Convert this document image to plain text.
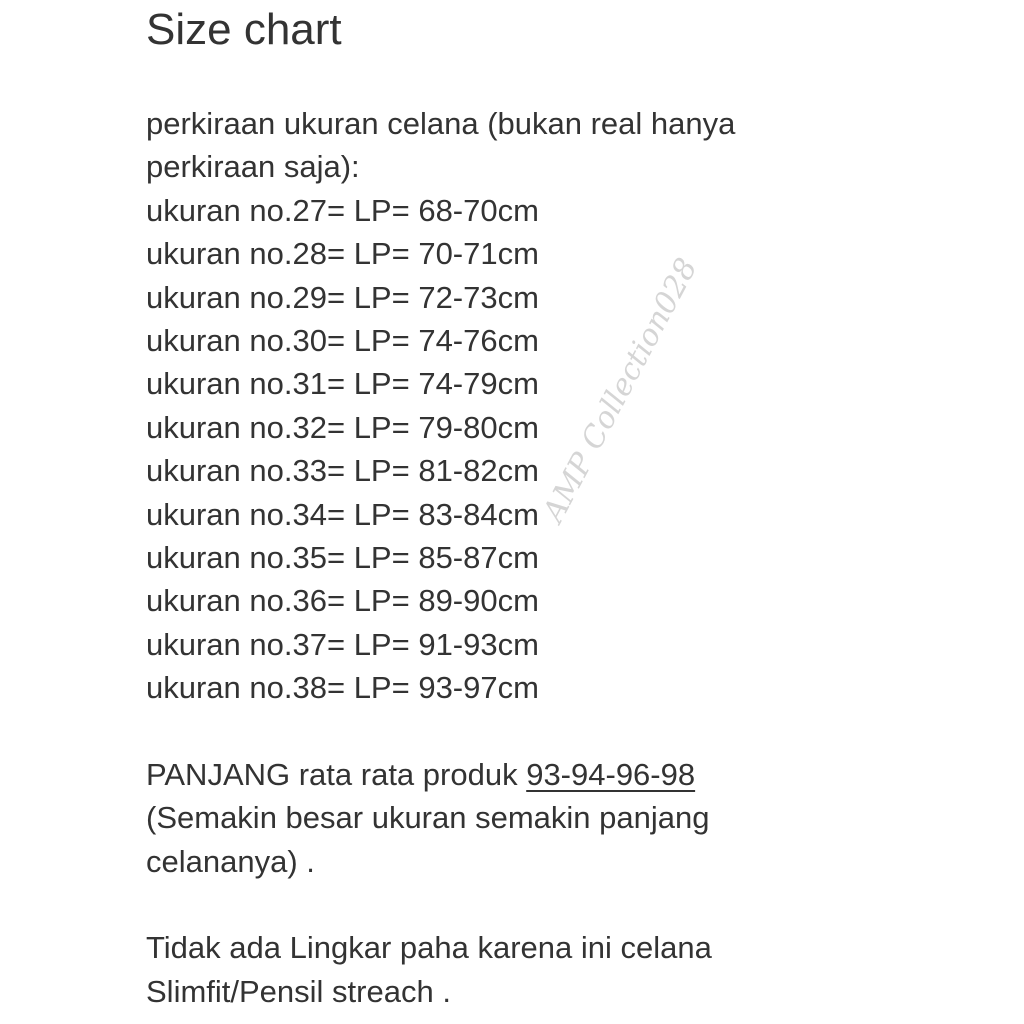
Size chart
perkiraan ukuran celana (bukan real hanya
perkiraan saja):
ukuran no.27= LP= 68-70cm
ukuran no.28= LP= 70-71cm
ukuran no.29= LP= 72-73cm
ukuran no.30= LP= 74-76cm
ukuran no.31= LP= 74-79cm
ukuran no.32= LP= 79-80cm
ukuran no.33= LP= 81-82cm
ukuran no.34= LP= 83-84cm
ukuran no.35= LP= 85-87cm
ukuran no.36= LP= 89-90cm
ukuran no.37= LP= 91-93cm
ukuran no.38= LP= 93-97cm
PANJANG rata rata produk 93-94-96-98
(Semakin besar ukuran semakin panjang
celananya) .
Tidak ada Lingkar paha karena ini celana
Slimfit/Pensil streach .
AMP Collection028
